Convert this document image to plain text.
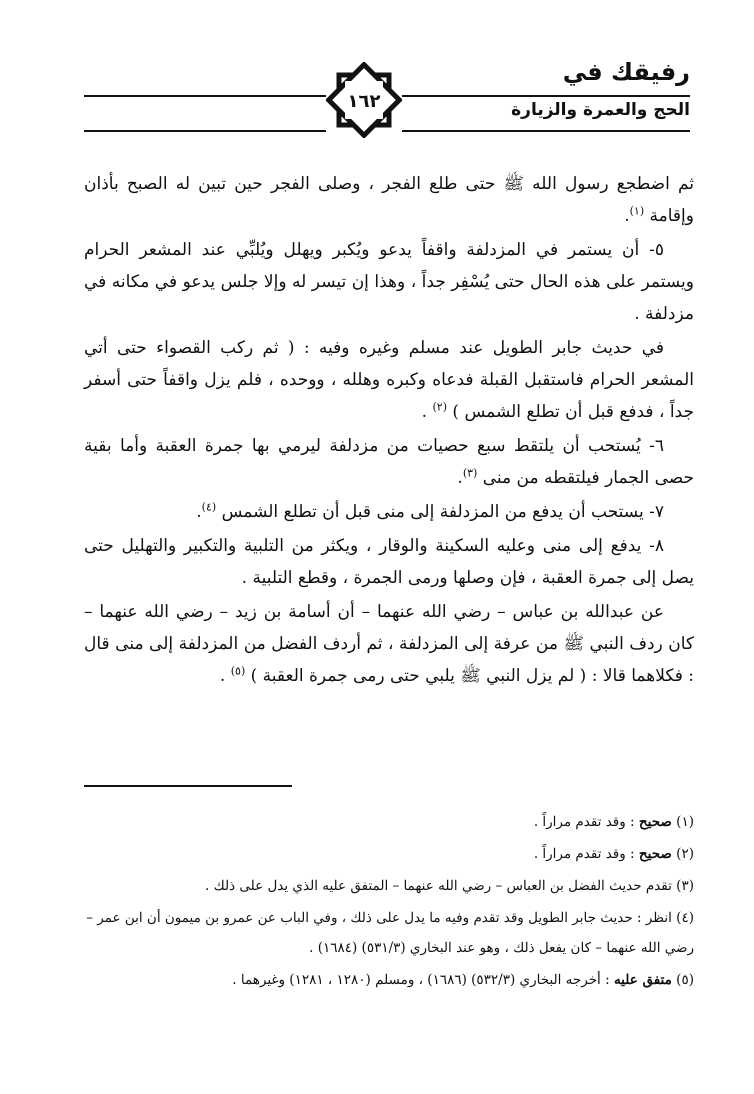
رفيقك في
الحج والعمرة والزيارة
١٦٢

ثم اضطجع رسول الله ﷺ حتى طلع الفجر ، وصلى الفجر حين تبين له الصبح بأذان وإقامة $^{(١)}$.

٥- أن يستمر في المزدلفة واقفاً يدعو ويُكبر ويهلل ويُلبِّي عند المشعر الحرام ويستمر على هذه الحال حتى يُسْفِر جداً ، وهذا إن تيسر له وإلا جلس يدعو في مكانه في مزدلفة .

في حديث جابر الطويل عند مسلم وغيره وفيه : ( ثم ركب القصواء حتى أتي المشعر الحرام فاستقبل القبلة فدعاه وكبره وهلله ، ووحده ، فلم يزل واقفاً حتى أسفر جداً ، فدفع قبل أن تطلع الشمس ) $^{(٢)}$ .

٦- يُستحب أن يلتقط سبع حصيات من مزدلفة ليرمي بها جمرة العقبة وأما بقية حصى الجمار فيلتقطه من منى $^{(٣)}$.

٧- يستحب أن يدفع من المزدلفة إلى منى قبل أن تطلع الشمس $^{(٤)}$.

٨- يدفع إلى منى وعليه السكينة والوقار ، ويكثر من التلبية والتكبير والتهليل حتى يصل إلى جمرة العقبة ، فإن وصلها ورمى الجمرة ، وقطع التلبية .

عن عبدالله بن عباس – رضي الله عنهما – أن أسامة بن زيد – رضي الله عنهما – كان ردف النبي ﷺ من عرفة إلى المزدلفة ، ثم أردف الفضل من المزدلفة إلى منى قال : فكلاهما قالا : ( لم يزل النبي ﷺ يلبي حتى رمى جمرة العقبة ) $^{(٥)}$ .

(١) صحيح : وقد تقدم مراراً .

(٢) صحيح : وقد تقدم مراراً .

(٣) تقدم حديث الفضل بن العباس – رضي الله عنهما – المتفق عليه الذي يدل على ذلك .

(٤) انظر : حديث جابر الطويل وقد تقدم وفيه ما يدل على ذلك ، وفي الباب عن عمرو بن ميمون أن ابن عمر – رضي الله عنهما – كان يفعل ذلك ، وهو عند البخاري (٥٣١/٣) (١٦٨٤) .

(٥) متفق عليه : أخرجه البخاري (٥٣٢/٣) (١٦٨٦) ، ومسلم (١٢٨٠ ، ١٢٨١) وغيرهما .
